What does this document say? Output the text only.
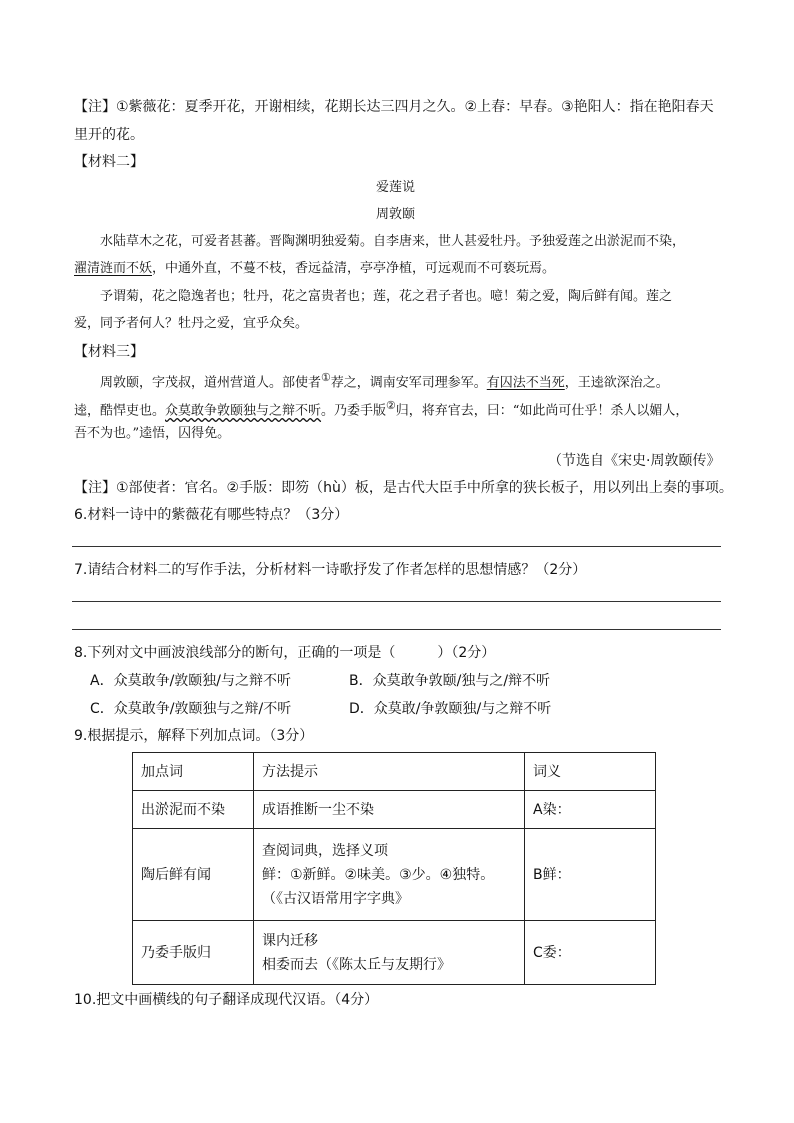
【注】①紫薇花：夏季开花，开谢相续，花期长达三四月之久。②上春：早春。③艳阳人：指在艳阳春天
里开的花。
【材料二】
爱莲说
周敦颐
水陆草木之花，可爱者甚蕃。晋陶渊明独爱菊。自李唐来，世人甚爱牡丹。予独爱莲之出淤泥而不染，
濯清涟而不妖，中通外直，不蔓不枝，香远益清，亭亭净植，可远观而不可亵玩焉。
予谓菊，花之隐逸者也；牡丹，花之富贵者也；莲，花之君子者也。噫！菊之爱，陶后鲜有闻。莲之
爱，同予者何人？牡丹之爱，宜乎众矣。
【材料三】
周敦颐，字茂叔，道州营道人。部使者①荐之，调南安军司理参军。有囚法不当死，王逵欲深治之。
逵，酷悍吏也。众莫敢争敦颐独与之辩不听。乃委手版②归，将弃官去，曰：“如此尚可仕乎！杀人以媚人，
吾不为也。”逵悟，囚得免。
（节选自《宋史·周敦颐传》
【注】①部使者：官名。②手版：即笏（hù）板，是古代大臣手中所拿的狭长板子，用以列出上奏的事项。
6.材料一诗中的紫薇花有哪些特点？（3分）
7.请结合材料二的写作手法，分析材料一诗歌抒发了作者怎样的思想情感？（2分）
8.下列对文中画波浪线部分的断句，正确的一项是（　　　）（2分）
A．众莫敢争/敦颐独/与之辩不听	B．众莫敢争敦颐/独与之/辩不听
C．众莫敢争/敦颐独与之辩/不听	D．众莫敢/争敦颐独/与之辩不听
9.根据提示，解释下列加点词。（3分）
加点词	方法提示	词义
出淤泥而不染	成语推断一尘不染	A染：
陶后鲜有闻	查阅词典，选择义项
鲜：①新鲜。②味美。③少。④独特。
（《古汉语常用字字典》	B鲜：
乃委手版归	课内迁移
相委而去（《陈太丘与友期行》	C委：
10.把文中画横线的句子翻译成现代汉语。（4分）
